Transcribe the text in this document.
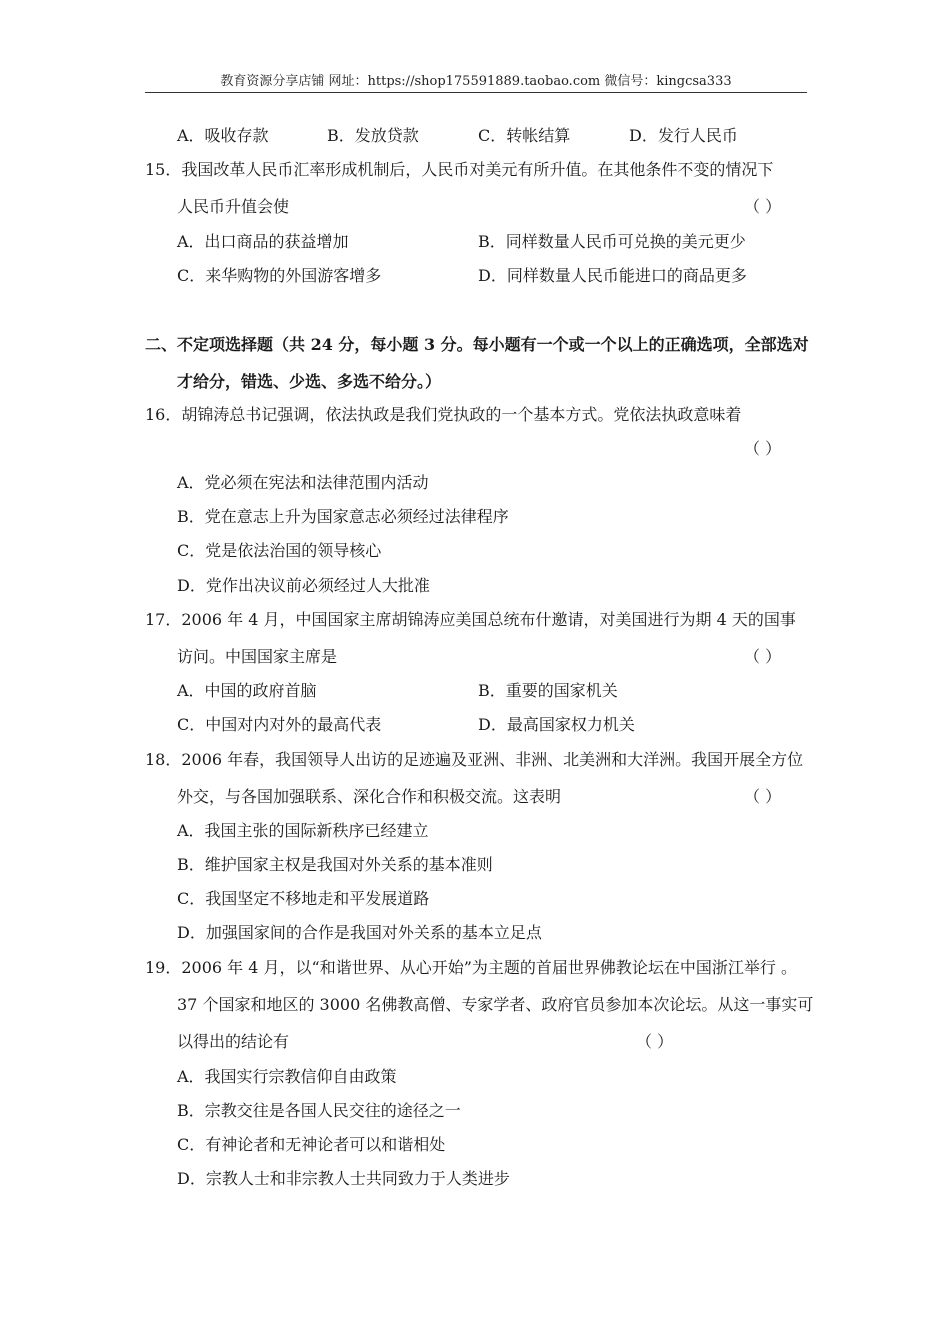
教育资源分享店铺 网址：https://shop175591889.taobao.com 微信号：kingcsa333
A．吸收存款	B．发放贷款	C．转帐结算	D．发行人民币
15．我国改革人民币汇率形成机制后，人民币对美元有所升值。在其他条件不变的情况下
人民币升值会使	（ ）
A．出口商品的获益增加	B．同样数量人民币可兑换的美元更少
C．来华购物的外国游客增多	D．同样数量人民币能进口的商品更多
二、不定项选择题（共 24 分，每小题 3 分。每小题有一个或一个以上的正确选项，全部选对
才给分，错选、少选、多选不给分。）
16．胡锦涛总书记强调，依法执政是我们党执政的一个基本方式。党依法执政意味着
（ ）
A．党必须在宪法和法律范围内活动
B．党在意志上升为国家意志必须经过法律程序
C．党是依法治国的领导核心
D．党作出决议前必须经过人大批准
17．2006 年 4 月，中国国家主席胡锦涛应美国总统布什邀请，对美国进行为期 4 天的国事
访问。中国国家主席是	（ ）
A．中国的政府首脑	B．重要的国家机关
C．中国对内对外的最高代表	D．最高国家权力机关
18．2006 年春，我国领导人出访的足迹遍及亚洲、非洲、北美洲和大洋洲。我国开展全方位
外交，与各国加强联系、深化合作和积极交流。这表明	（ ）
A．我国主张的国际新秩序已经建立
B．维护国家主权是我国对外关系的基本准则
C．我国坚定不移地走和平发展道路
D．加强国家间的合作是我国对外关系的基本立足点
19．2006 年 4 月，以“和谐世界、从心开始”为主题的首届世界佛教论坛在中国浙江举行 。
37 个国家和地区的 3000 名佛教高僧、专家学者、政府官员参加本次论坛。从这一事实可
以得出的结论有	（ ）
A．我国实行宗教信仰自由政策
B．宗教交往是各国人民交往的途径之一
C．有神论者和无神论者可以和谐相处
D．宗教人士和非宗教人士共同致力于人类进步
